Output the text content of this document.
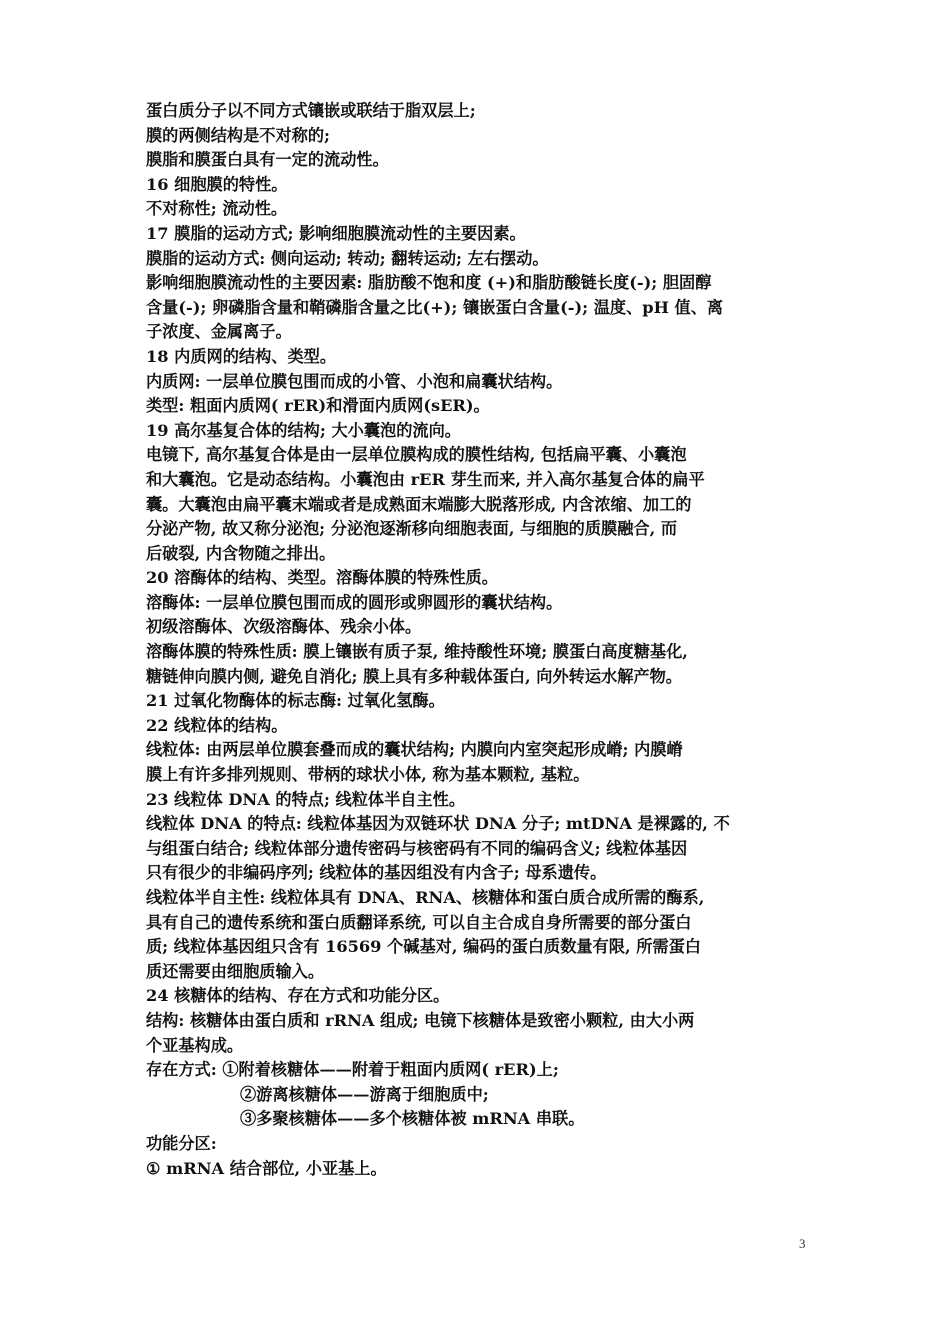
蛋白质分子以不同方式镶嵌或联结于脂双层上;
膜的两侧结构是不对称的;
膜脂和膜蛋白具有一定的流动性。
16 细胞膜的特性。
不对称性; 流动性。
17 膜脂的运动方式; 影响细胞膜流动性的主要因素。
膜脂的运动方式: 侧向运动; 转动; 翻转运动; 左右摆动。
影响细胞膜流动性的主要因素: 脂肪酸不饱和度 (+)和脂肪酸链长度(-); 胆固醇
含量(-); 卵磷脂含量和鞘磷脂含量之比(+); 镶嵌蛋白含量(-); 温度、pH 值、离
子浓度、金属离子。
18 内质网的结构、类型。
内质网: 一层单位膜包围而成的小管、小泡和扁囊状结构。
类型: 粗面内质网( rER)和滑面内质网(sER)。
19 高尔基复合体的结构; 大小囊泡的流向。
电镜下, 高尔基复合体是由一层单位膜构成的膜性结构, 包括扁平囊、小囊泡
和大囊泡。它是动态结构。小囊泡由 rER 芽生而来, 并入高尔基复合体的扁平
囊。大囊泡由扁平囊末端或者是成熟面末端膨大脱落形成, 内含浓缩、加工的
分泌产物, 故又称分泌泡; 分泌泡逐渐移向细胞表面, 与细胞的质膜融合, 而
后破裂, 内含物随之排出。
20 溶酶体的结构、类型。溶酶体膜的特殊性质。
溶酶体: 一层单位膜包围而成的圆形或卵圆形的囊状结构。
初级溶酶体、次级溶酶体、残余小体。
溶酶体膜的特殊性质: 膜上镶嵌有质子泵, 维持酸性环境; 膜蛋白高度糖基化,
糖链伸向膜内侧, 避免自消化; 膜上具有多种载体蛋白, 向外转运水解产物。
21 过氧化物酶体的标志酶: 过氧化氢酶。
22 线粒体的结构。
线粒体: 由两层单位膜套叠而成的囊状结构; 内膜向内室突起形成嵴; 内膜嵴
膜上有许多排列规则、带柄的球状小体, 称为基本颗粒, 基粒。
23 线粒体 DNA 的特点; 线粒体半自主性。
线粒体 DNA 的特点: 线粒体基因为双链环状 DNA 分子; mtDNA 是裸露的, 不
与组蛋白结合; 线粒体部分遗传密码与核密码有不同的编码含义; 线粒体基因
只有很少的非编码序列; 线粒体的基因组没有内含子; 母系遗传。
线粒体半自主性: 线粒体具有 DNA、RNA、核糖体和蛋白质合成所需的酶系,
具有自己的遗传系统和蛋白质翻译系统, 可以自主合成自身所需要的部分蛋白
质; 线粒体基因组只含有 16569 个碱基对, 编码的蛋白质数量有限, 所需蛋白
质还需要由细胞质输入。
24 核糖体的结构、存在方式和功能分区。
结构: 核糖体由蛋白质和 rRNA 组成; 电镜下核糖体是致密小颗粒, 由大小两
个亚基构成。
存在方式: ①附着核糖体——附着于粗面内质网( rER)上;
②游离核糖体——游离于细胞质中;
③多聚核糖体——多个核糖体被 mRNA 串联。
功能分区:
① mRNA 结合部位, 小亚基上。
3
